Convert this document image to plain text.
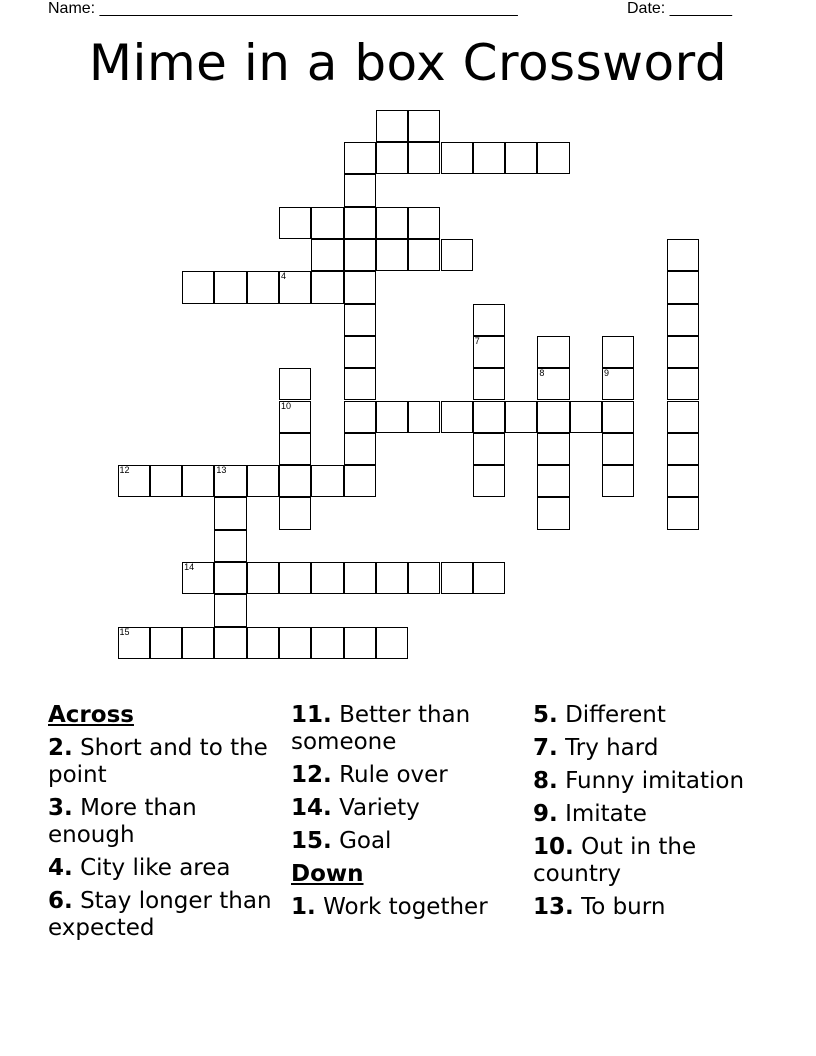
Name: _______________________________________________	Date: _______
Mime in a box Crossword
4
7
8	9
10
12	13
14
15
Across
2. Short and to the point
3. More than enough
4. City like area
6. Stay longer than expected
11. Better than someone
12. Rule over
14. Variety
15. Goal
Down
1. Work together
5. Different
7. Try hard
8. Funny imitation
9. Imitate
10. Out in the country
13. To burn
